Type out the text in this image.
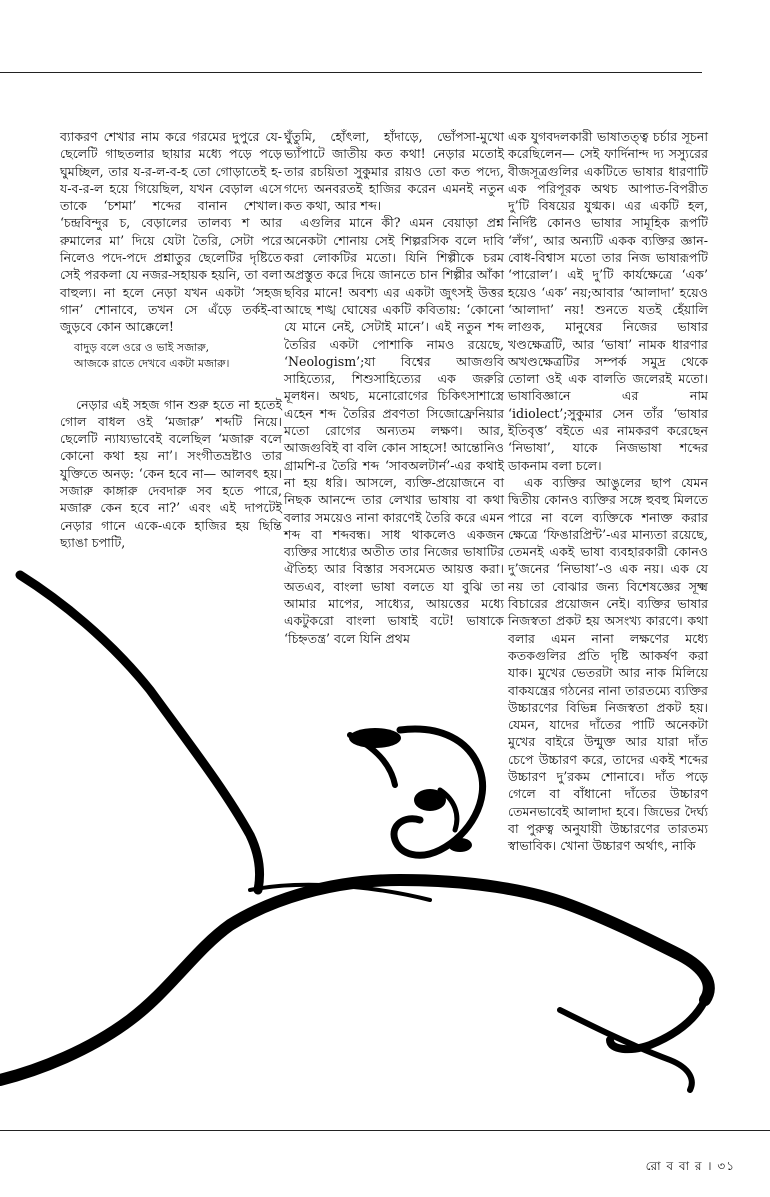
ব্যাকরণ শেখার নাম করে গরমের দুপুরে যে-ছেলেটি গাছতলার ছায়ার মধ্যে পড়ে পড়ে ঘুমচ্ছিল, তার য-র-ল-ব-হ তো গোড়াতেই হ-য-ব-র-ল হয়ে গিয়েছিল, যখন বেড়াল এসে তাকে ‘চশমা’ শব্দের বানান শেখাল। ‘চন্দ্রবিন্দুর চ, বেড়ালের তালব্য শ আর রুমালের মা’ দিয়ে যেটা তৈরি, সেটা পরে নিলেও পদে-পদে প্রশ্নাতুর ছেলেটির দৃষ্টিতে সেই পরকলা যে নজর-সহায়ক হয়নি, তা বলা বাহুল্য। না হলে নেড়া যখন একটা ‘সহজ গান’ শোনাবে, তখন সে এঁড়ে তর্কই-বা জুড়বে কোন আক্কেলে!

বাদুড় বলে ওরে ও ভাই সজারু,
আজকে রাতে দেখবে একটা মজারু।

নেড়ার এই সহজ গান শুরু হতে না হতেই গোল বাধল ওই ‘মজারু’ শব্দটি নিয়ে। ছেলেটি ন্যায্যভাবেই বলেছিল ‘মজারু বলে কোনো কথা হয় না’। সংগীতভ্রষ্টাও তার যুক্তিতে অনড়: ‘কেন হবে না— আলবৎ হয়। সজারু কাঙ্গারু দেবদারু সব হতে পারে, মজারু কেন হবে না?’ এবং এই দাপটেই নেড়ার গানে একে-একে হাজির হয় ছিন্তি ছ্যাঙা চপাটি,

ঘুঁতুমি, হোঁৎলা, হাঁদাড়ে, ভোঁপসা-মুখো ভ্যাঁপাটে জাতীয় কত কথা! নেড়ার মতোই তার রচয়িতা সুকুমার রায়ও তো কত পদ্যে, গদ্যে অনবরতই হাজির করেন এমনই নতুন কত কথা, আর শব্দ।

এগুলির মানে কী? এমন বেয়াড়া প্রশ্ন অনেকটা শোনায় সেই শিল্পরসিক বলে দাবি করা লোকটির মতো। যিনি শিল্পীকে চরম অপ্রস্তুত করে দিয়ে জানতে চান শিল্পীর আঁকা ছবির মানে! অবশ্য এর একটা জুৎসই উত্তর আছে শঙ্খ ঘোষের একটি কবিতায়: ‘কোনো যে মানে নেই, সেটাই মানে’। এই নতুন শব্দ তৈরির একটা পোশাকি নামও রয়েছে, ‘Neologism’;যা বিশ্বের আজগুবি সাহিত্যের, শিশুসাহিত্যের এক জরুরি মূলধন। অথচ, মনোরোগের চিকিৎসাশাস্ত্রে এহেন শব্দ তৈরির প্রবণতা সিজোফ্রেনিয়ার মতো রোগের অন্যতম লক্ষণ। আর, আজগুবিই বা বলি কোন সাহসে! আন্তোনিও গ্রামশি-র তৈরি শব্দ ‘সাবঅলটার্ন’-এর কথাই না হয় ধরি। আসলে, ব্যক্তি-প্রয়োজনে বা নিছক আনন্দে তার লেখার ভাষায় বা কথা বলার সময়েও নানা কারণেই তৈরি করে এমন শব্দ বা শব্দবন্ধ। সাধ থাকলেও একজন ব্যক্তির সাধ্যের অতীত তার নিজের ভাষাটির ঐতিহ্য আর বিস্তার সবসমেত আয়ত্ত করা। অতএব, বাংলা ভাষা বলতে যা বুঝি তা আমার মাপের, সাধ্যের, আয়ত্তের মধ্যে একটুকরো বাংলা ভাষাই বটে! ভাষাকে ‘চিহ্নতন্ত্র’ বলে যিনি প্রথম

এক যুগবদলকারী ভাষাতত্ত্ব চর্চার সূচনা করেছিলেন— সেই ফার্দিনান্দ দ্য সস্যুরের বীজসূত্রগুলির একটিতে ভাষার ধারণাটি এক পরিপূরক অথচ আপাত-বিপরীত দু’টি বিষয়ের যুগ্মক। এর একটি হল, নির্দিষ্ট কোনও ভাষার সামূহিক রূপটি ‘লঁগ’, আর অন্যটি একক ব্যক্তির জ্ঞান-বোধ-বিশ্বাস মতো তার নিজ ভাষারূপটি ‘পারোল’। এই দু’টি কার্যক্ষেত্রে ‘এক’ হয়েও ‘এক’ নয়;আবার ‘আলাদা’ হয়েও ‘আলাদা’ নয়! শুনতে যতই হেঁয়ালি লাগুক, মানুষের নিজের ভাষার খণ্ডক্ষেত্রটি, আর ‘ভাষা’ নামক ধারণার অখণ্ডক্ষেত্রটির সম্পর্ক সমুদ্র থেকে তোলা ওই এক বালতি জলেরই মতো। ভাষাবিজ্ঞানে এর নাম ‘idiolect’;সুকুমার সেন তাঁর ‘ভাষার ইতিবৃত্ত’ বইতে এর নামকরণ করেছেন ‘নিভাষা’, যাকে নিজভাষা শব্দের ডাকনাম বলা চলে।

এক ব্যক্তির আঙুলের ছাপ যেমন দ্বিতীয় কোনও ব্যক্তির সঙ্গে হুবহু মিলতে পারে না বলে ব্যক্তিকে শনাক্ত করার ক্ষেত্রে ‘ফিঙারপ্রিন্ট’-এর মান্যতা রয়েছে, তেমনই একই ভাষা ব্যবহারকারী কোনও দু’জনের ‘নিভাষা’-ও এক নয়। এক যে নয় তা বোঝার জন্য বিশেষজ্ঞের সূক্ষ্ম বিচারের প্রয়োজন নেই। ব্যক্তির ভাষার নিজস্বতা প্রকট হয় অসংখ্য কারণে। কথা বলার এমন নানা লক্ষণের মধ্যে কতকগুলির প্রতি দৃষ্টি আকর্ষণ করা যাক। মুখের ভেতরটা আর নাক মিলিয়ে বাকযন্ত্রের গঠনের নানা তারতম্যে ব্যক্তির উচ্চারণের বিভিন্ন নিজস্বতা প্রকট হয়। যেমন, যাদের দাঁতের পাটি অনেকটা মুখের বাইরে উন্মুক্ত আর যারা দাঁত চেপে উচ্চারণ করে, তাদের একই শব্দের উচ্চারণ দু’রকম শোনাবে। দাঁত পড়ে গেলে বা বাঁধানো দাঁতের উচ্চারণ তেমনভাবেই আলাদা হবে। জিভের দৈর্ঘ্য বা পুরুত্ব অনুযায়ী উচ্চারণের তারতম্য স্বাভাবিক। খোনা উচ্চারণ অর্থাৎ, নাকি

রো ব বা র । ৩১
